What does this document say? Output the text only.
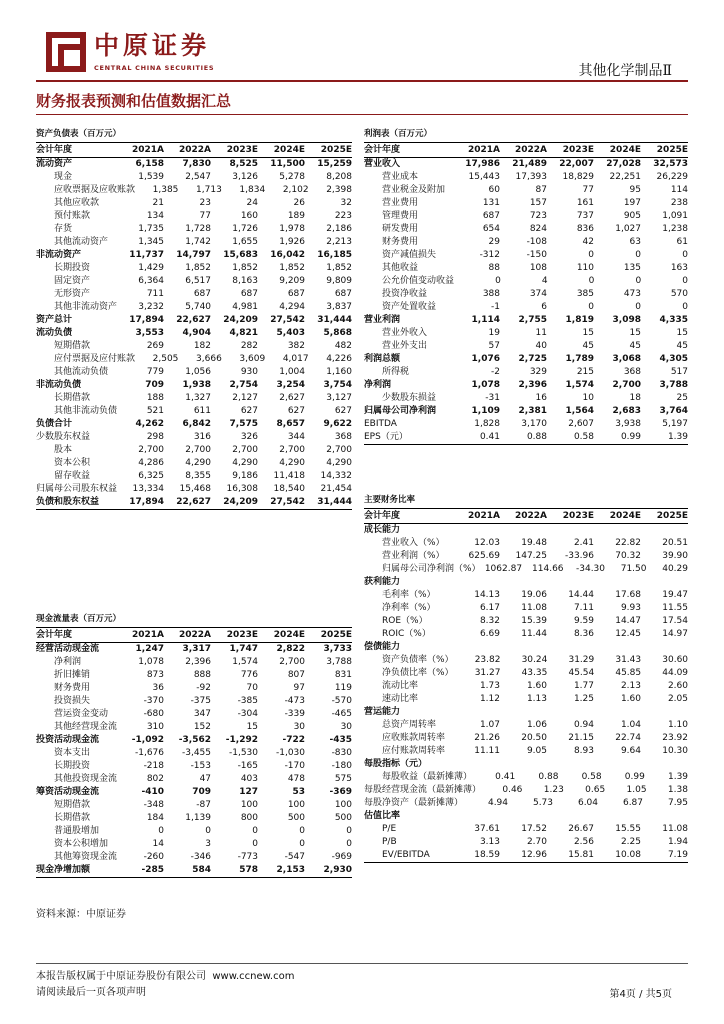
中原证券
CENTRAL CHINA SECURITIES	其他化学制品Ⅱ
财务报表预测和估值数据汇总
资产负债表（百万元）
会计年度	2021A	2022A	2023E	2024E	2025E
流动资产	6,158	7,830	8,525	11,500	15,259
现金	1,539	2,547	3,126	5,278	8,208
应收票据及应收账款	1,385	1,713	1,834	2,102	2,398
其他应收款	21	23	24	26	32
预付账款	134	77	160	189	223
存货	1,735	1,728	1,726	1,978	2,186
其他流动资产	1,345	1,742	1,655	1,926	2,213
非流动资产	11,737	14,797	15,683	16,042	16,185
长期投资	1,429	1,852	1,852	1,852	1,852
固定资产	6,364	6,517	8,163	9,209	9,809
无形资产	711	687	687	687	687
其他非流动资产	3,232	5,740	4,981	4,294	3,837
资产总计	17,894	22,627	24,209	27,542	31,444
流动负债	3,553	4,904	4,821	5,403	5,868
短期借款	269	182	282	382	482
应付票据及应付账款	2,505	3,666	3,609	4,017	4,226
其他流动负债	779	1,056	930	1,004	1,160
非流动负债	709	1,938	2,754	3,254	3,754
长期借款	188	1,327	2,127	2,627	3,127
其他非流动负债	521	611	627	627	627
负债合计	4,262	6,842	7,575	8,657	9,622
少数股东权益	298	316	326	344	368
股本	2,700	2,700	2,700	2,700	2,700
资本公积	4,286	4,290	4,290	4,290	4,290
留存收益	6,325	8,355	9,186	11,418	14,332
归属母公司股东权益	13,334	15,468	16,308	18,540	21,454
负债和股东权益	17,894	22,627	24,209	27,542	31,444
利润表（百万元）
会计年度	2021A	2022A	2023E	2024E	2025E
营业收入	17,986	21,489	22,007	27,028	32,573
营业成本	15,443	17,393	18,829	22,251	26,229
营业税金及附加	60	87	77	95	114
营业费用	131	157	161	197	238
管理费用	687	723	737	905	1,091
研发费用	654	824	836	1,027	1,238
财务费用	29	-108	42	63	61
资产减值损失	-312	-150	0	0	0
其他收益	88	108	110	135	163
公允价值变动收益	0	4	0	0	0
投资净收益	388	374	385	473	570
资产处置收益	-1	6	0	0	0
营业利润	1,114	2,755	1,819	3,098	4,335
营业外收入	19	11	15	15	15
营业外支出	57	40	45	45	45
利润总额	1,076	2,725	1,789	3,068	4,305
所得税	-2	329	215	368	517
净利润	1,078	2,396	1,574	2,700	3,788
少数股东损益	-31	16	10	18	25
归属母公司净利润	1,109	2,381	1,564	2,683	3,764
EBITDA	1,828	3,170	2,607	3,938	5,197
EPS（元）	0.41	0.88	0.58	0.99	1.39
主要财务比率
会计年度	2021A	2022A	2023E	2024E	2025E
成长能力
营业收入（%）	12.03	19.48	2.41	22.82	20.51
营业利润（%）	625.69	147.25	-33.96	70.32	39.90
归属母公司净利润（%） 1062.87	114.66	-34.30	71.50	40.29
获利能力
毛利率（%）	14.13	19.06	14.44	17.68	19.47
净利率（%）	6.17	11.08	7.11	9.93	11.55
ROE（%）	8.32	15.39	9.59	14.47	17.54
ROIC（%）	6.69	11.44	8.36	12.45	14.97
偿债能力
资产负债率（%）	23.82	30.24	31.29	31.43	30.60
净负债比率（%）	31.27	43.35	45.54	45.85	44.09
流动比率	1.73	1.60	1.77	2.13	2.60
速动比率	1.12	1.13	1.25	1.60	2.05
营运能力
总资产周转率	1.07	1.06	0.94	1.04	1.10
应收账款周转率	21.26	20.50	21.15	22.74	23.92
应付账款周转率	11.11	9.05	8.93	9.64	10.30
每股指标（元）
每股收益（最新摊薄）	0.41	0.88	0.58	0.99	1.39
每股经营现金流（最新摊薄）	0.46	1.23	0.65	1.05	1.38
每股净资产（最新摊薄）	4.94	5.73	6.04	6.87	7.95
估值比率
P/E	37.61	17.52	26.67	15.55	11.08
P/B	3.13	2.70	2.56	2.25	1.94
EV/EBITDA	18.59	12.96	15.81	10.08	7.19
现金流量表（百万元）
会计年度	2021A	2022A	2023E	2024E	2025E
经营活动现金流	1,247	3,317	1,747	2,822	3,733
净利润	1,078	2,396	1,574	2,700	3,788
折旧摊销	873	888	776	807	831
财务费用	36	-92	70	97	119
投资损失	-370	-375	-385	-473	-570
营运资金变动	-680	347	-304	-339	-465
其他经营现金流	310	152	15	30	30
投资活动现金流	-1,092	-3,562	-1,292	-722	-435
资本支出	-1,676	-3,455	-1,530	-1,030	-830
长期投资	-218	-153	-165	-170	-180
其他投资现金流	802	47	403	478	575
筹资活动现金流	-410	709	127	53	-369
短期借款	-348	-87	100	100	100
长期借款	184	1,139	800	500	500
普通股增加	0	0	0	0	0
资本公积增加	14	3	0	0	0
其他筹资现金流	-260	-346	-773	-547	-969
现金净增加额	-285	584	578	2,153	2,930
资料来源：中原证券
本报告版权属于中原证券股份有限公司 www.ccnew.com
请阅读最后一页各项声明	第4页 / 共5页
